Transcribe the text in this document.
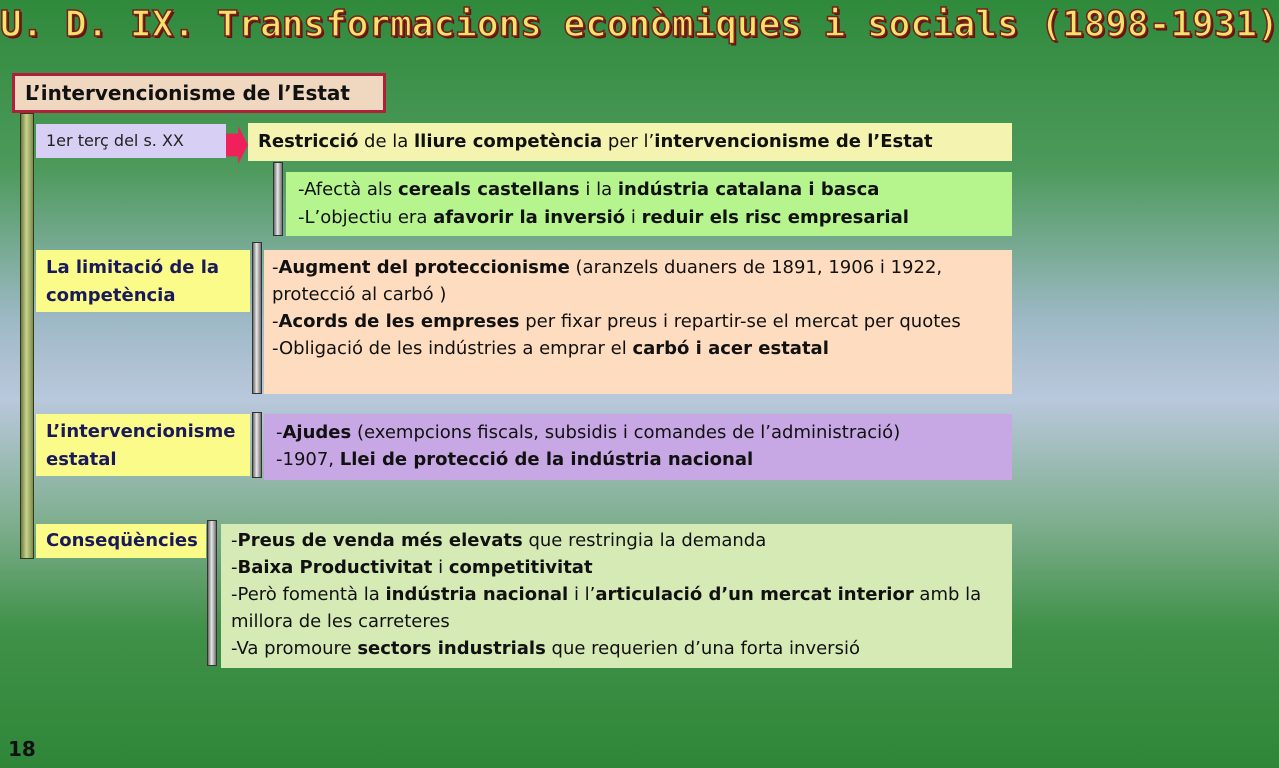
U. D. IX. Transformacions econòmiques i socials (1898-1931)
L’intervencionisme de l’Estat
1er terç del s. XX	Restricció de la lliure competència per l’intervencionisme de l’Estat
-Afectà als cereals castellans i la indústria catalana i basca
-L’objectiu era afavorir la inversió i reduir els risc empresarial
La limitació de la competència
-Augment del proteccionisme (aranzels duaners de 1891, 1906 i 1922, protecció al carbó )
-Acords de les empreses per fixar preus i repartir-se el mercat per quotes
-Obligació de les indústries a emprar el carbó i acer estatal
L’intervencionisme estatal
-Ajudes (exempcions fiscals, subsidis i comandes de l’administració)
-1907, Llei de protecció de la indústria nacional
Conseqüències	-Preus de venda més elevats que restringia la demanda
-Baixa Productivitat i competitivitat
-Però fomentà la indústria nacional i l’articulació d’un mercat interior amb la millora de les carreteres
-Va promoure sectors industrials que requerien d’una forta inversió
18
